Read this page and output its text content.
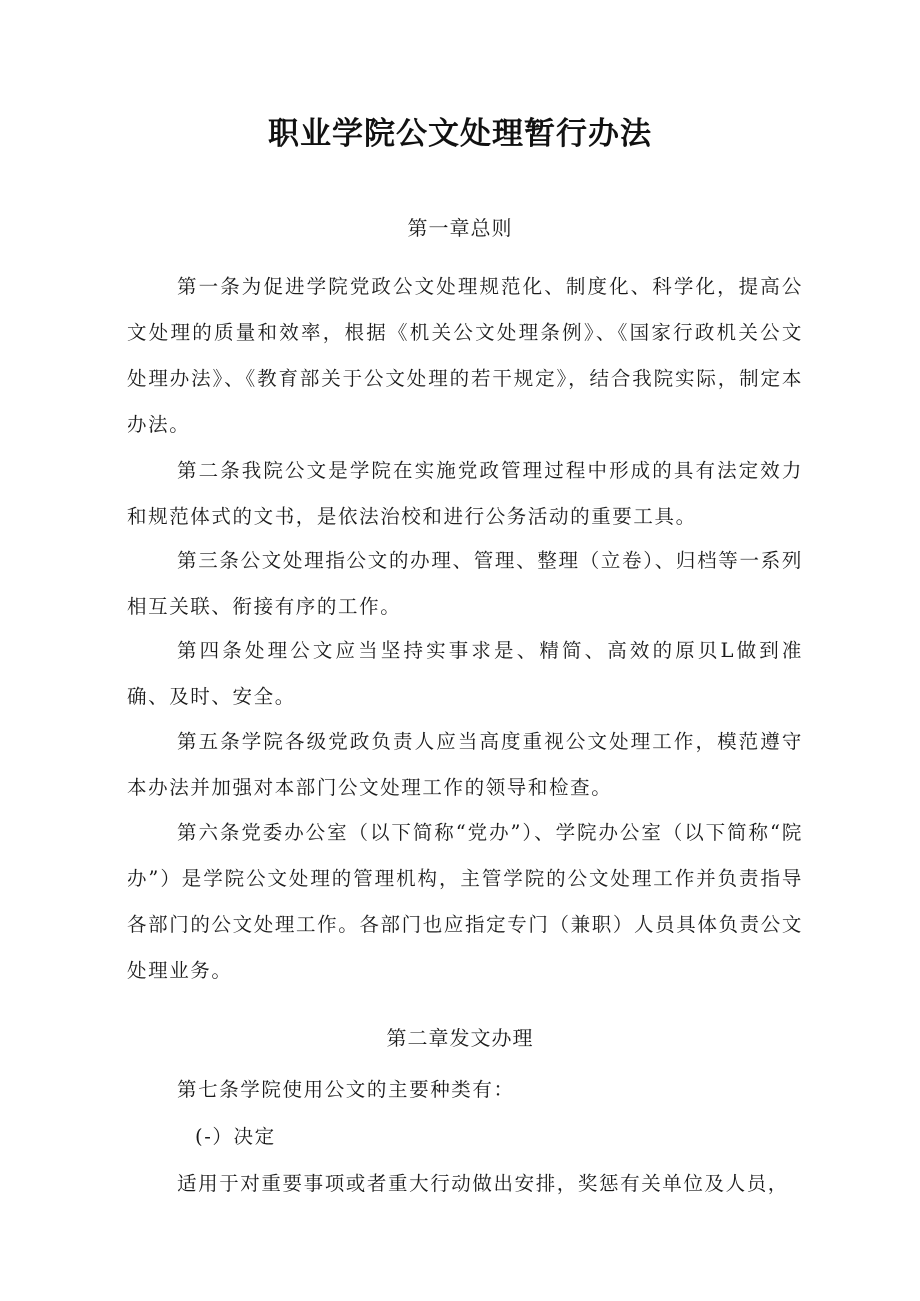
职业学院公文处理暂行办法

第一章总则

第一条为促进学院党政公文处理规范化、制度化、科学化，提高公文处理的质量和效率，根据《机关公文处理条例》、《国家行政机关公文处理办法》、《教育部关于公文处理的若干规定》，结合我院实际，制定本办法。

第二条我院公文是学院在实施党政管理过程中形成的具有法定效力和规范体式的文书，是依法治校和进行公务活动的重要工具。

第三条公文处理指公文的办理、管理、整理（立卷）、归档等一系列相互关联、衔接有序的工作。

第四条处理公文应当坚持实事求是、精简、高效的原贝L做到准确、及时、安全。

第五条学院各级党政负责人应当高度重视公文处理工作，模范遵守本办法并加强对本部门公文处理工作的领导和检查。

第六条党委办公室（以下简称“党办”）、学院办公室（以下简称“院办”）是学院公文处理的管理机构，主管学院的公文处理工作并负责指导各部门的公文处理工作。各部门也应指定专门（兼职）人员具体负责公文处理业务。

第二章发文办理

第七条学院使用公文的主要种类有：

(-）决定

适用于对重要事项或者重大行动做出安排，奖惩有关单位及人员，
